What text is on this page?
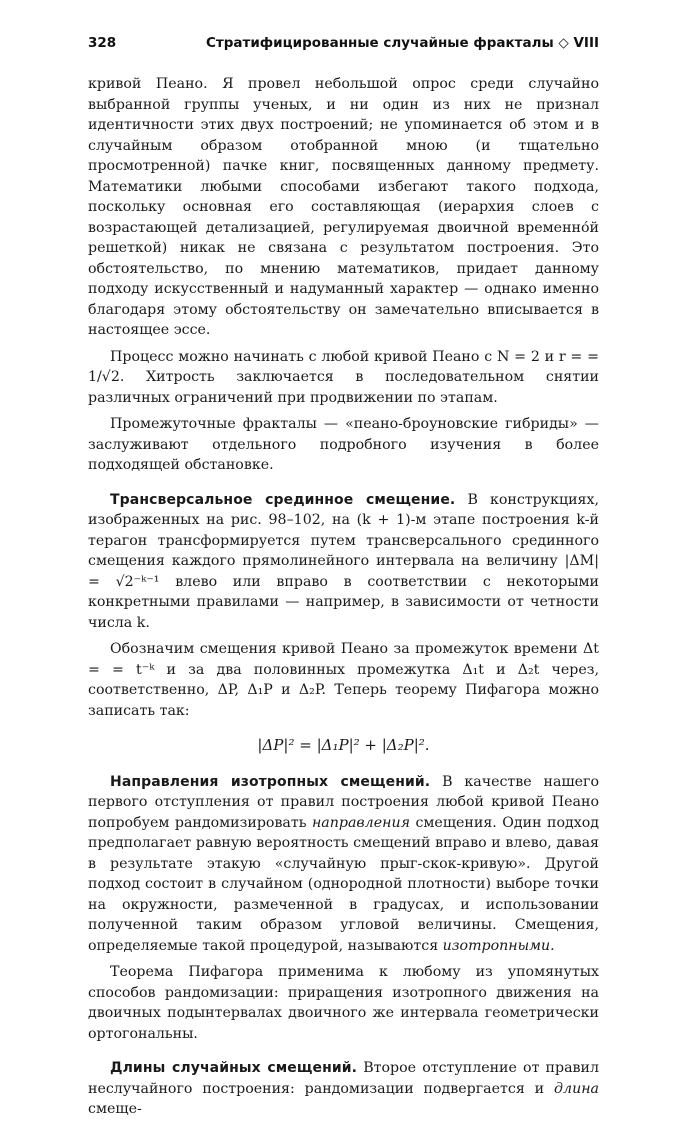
328	Стратифицированные случайные фракталы ◇ VIII

кривой Пеано. Я провел небольшой опрос среди случайно выбранной группы ученых, и ни один из них не признал идентичности этих двух построений; не упоминается об этом и в случайным образом отобранной мною (и тщательно просмотренной) пачке книг, посвященных данному предмету. Математики любыми способами избегают такого подхода, поскольку основная его составляющая (иерархия слоев с возрастающей детализацией, регулируемая двоичной временно́й решеткой) никак не связана с результатом построения. Это обстоятельство, по мнению математиков, придает данному подходу искусственный и надуманный характер — однако именно благодаря этому обстоятельству он замечательно вписывается в настоящее эссе.

Процесс можно начинать с любой кривой Пеано с N = 2 и r = = 1/√2. Хитрость заключается в последовательном снятии различных ограничений при продвижении по этапам.

Промежуточные фракталы — «пеано-броуновские гибриды» — заслуживают отдельного подробного изучения в более подходящей обстановке.

Трансверсальное срединное смещение. В конструкциях, изображенных на рис. 98–102, на (k + 1)-м этапе построения k-й терагон трансформируется путем трансверсального срединного смещения каждого прямолинейного интервала на величину |ΔM| = √2⁻ᵏ⁻¹ влево или вправо в соответствии с некоторыми конкретными правилами — например, в зависимости от четности числа k.

Обозначим смещения кривой Пеано за промежуток времени Δt = = t⁻ᵏ и за два половинных промежутка Δ₁t и Δ₂t через, соответственно, ΔP, Δ₁P и Δ₂P. Теперь теорему Пифагора можно записать так:

|ΔP|² = |Δ₁P|² + |Δ₂P|².

Направления изотропных смещений. В качестве нашего первого отступления от правил построения любой кривой Пеано попробуем рандомизировать направления смещения. Один подход предполагает равную вероятность смещений вправо и влево, давая в результате этакую «случайную прыг-скок-кривую». Другой подход состоит в случайном (однородной плотности) выборе точки на окружности, размеченной в градусах, и использовании полученной таким образом угловой величины. Смещения, определяемые такой процедурой, называются изотропными.

Теорема Пифагора применима к любому из упомянутых способов рандомизации: приращения изотропного движения на двоичных подынтервалах двоичного же интервала геометрически ортогональны.

Длины случайных смещений. Второе отступление от правил неслучайного построения: рандомизации подвергается и длина смеще-
